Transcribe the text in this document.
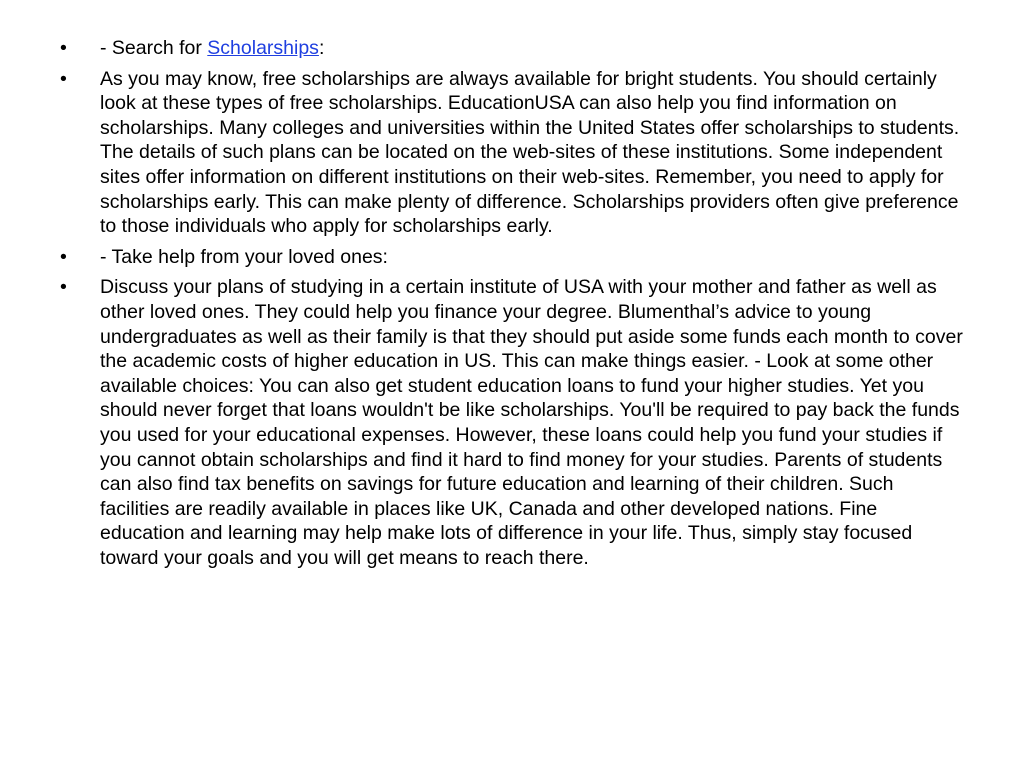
•	- Search for Scholarships:
•	As you may know, free scholarships are always available for bright students. You should certainly look at these types of free scholarships. EducationUSA can also help you find information on scholarships. Many colleges and universities within the United States offer scholarships to students. The details of such plans can be located on the web-sites of these institutions. Some independent sites offer information on different institutions on their web-sites. Remember, you need to apply for scholarships early. This can make plenty of difference. Scholarships providers often give preference to those individuals who apply for scholarships early.
•	- Take help from your loved ones:
•	Discuss your plans of studying in a certain institute of USA with your mother and father as well as other loved ones. They could help you finance your degree. Blumenthal’s advice to young undergraduates as well as their family is that they should put aside some funds each month to cover the academic costs of higher education in US. This can make things easier. - Look at some other available choices: You can also get student education loans to fund your higher studies. Yet you should never forget that loans wouldn't be like scholarships. You'll be required to pay back the funds you used for your educational expenses. However, these loans could help you fund your studies if you cannot obtain scholarships and find it hard to find money for your studies. Parents of students can also find tax benefits on savings for future education and learning of their children. Such facilities are readily available in places like UK, Canada and other developed nations. Fine education and learning may help make lots of difference in your life. Thus, simply stay focused toward your goals and you will get means to reach there.
